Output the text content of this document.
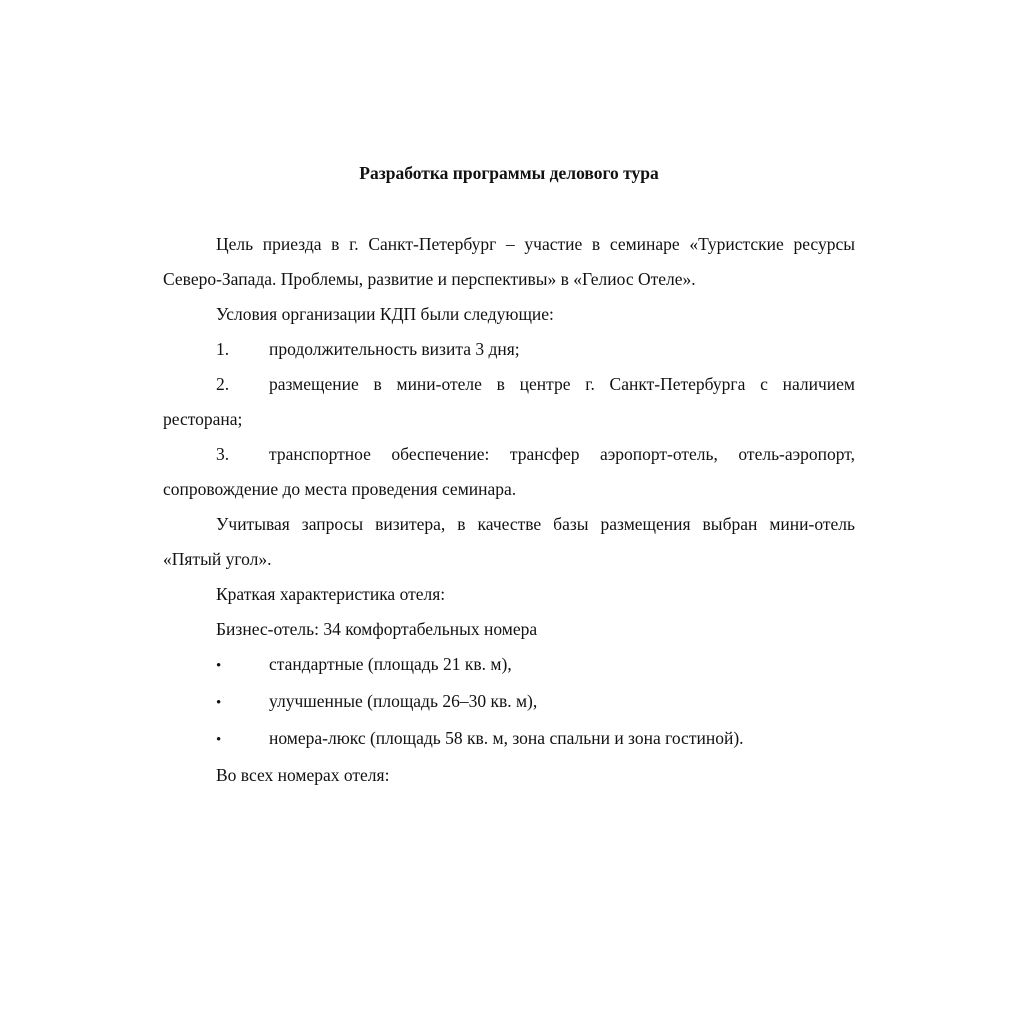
Разработка программы делового тура

Цель приезда в г. Санкт-Петербург – участие в семинаре «Туристские ресурсы Северо-Запада. Проблемы, развитие и перспективы» в «Гелиос Отеле».

Условия организации КДП были следующие:

1. продолжительность визита 3 дня;

2. размещение в мини-отеле в центре г. Санкт-Петербурга с наличием ресторана;

3. транспортное обеспечение: трансфер аэропорт-отель, отель-аэропорт, сопровождение до места проведения семинара.

Учитывая запросы визитера, в качестве базы размещения выбран мини-отель «Пятый угол».

Краткая характеристика отеля:

Бизнес-отель: 34 комфортабельных номера

•	стандартные (площадь 21 кв. м),

•	улучшенные (площадь 26–30 кв. м),

•	номера-люкс (площадь 58 кв. м, зона спальни и зона гостиной).

Во всех номерах отеля:
